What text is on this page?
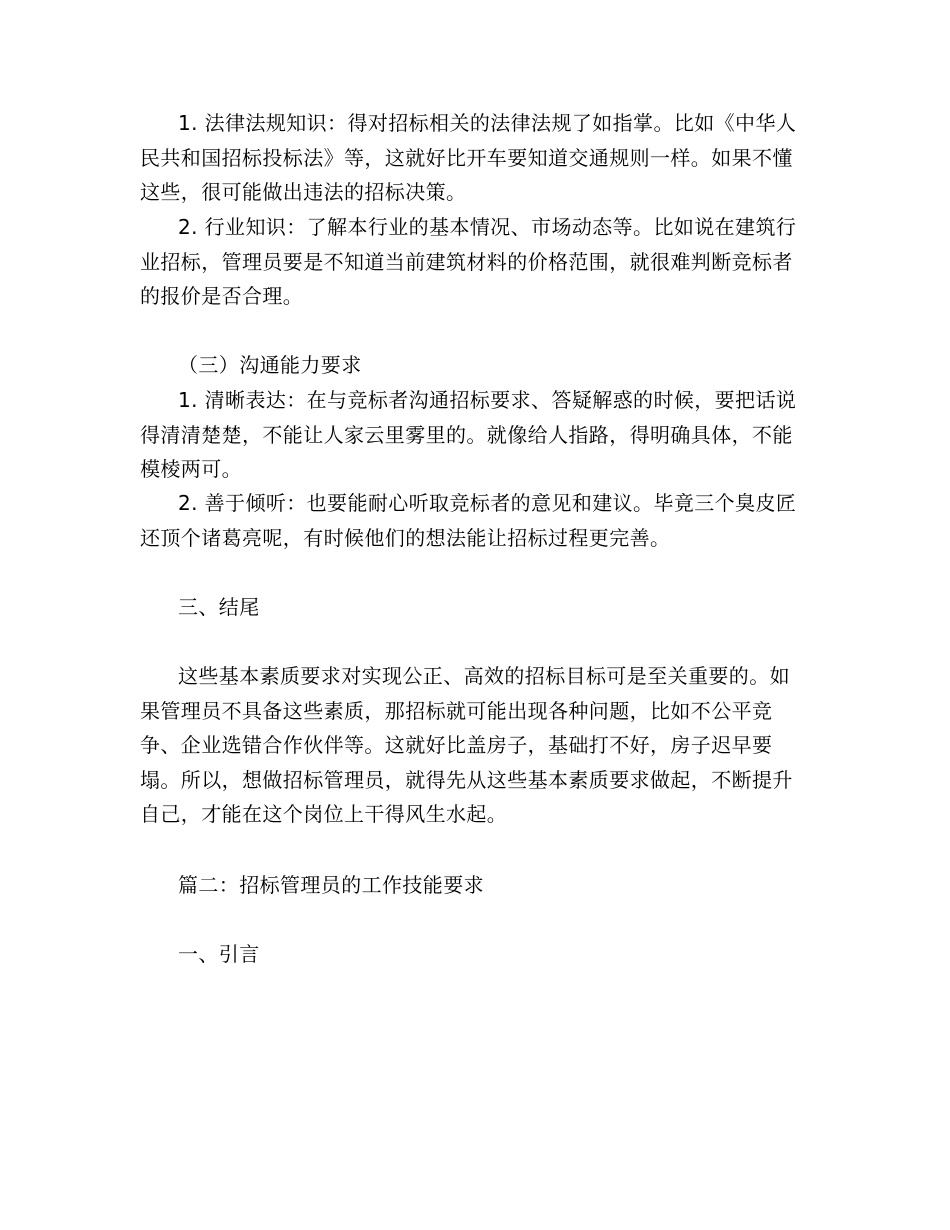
1. 法律法规知识：得对招标相关的法律法规了如指掌。比如《中华人民共和国招标投标法》等，这就好比开车要知道交通规则一样。如果不懂这些，很可能做出违法的招标决策。

2. 行业知识：了解本行业的基本情况、市场动态等。比如说在建筑行业招标，管理员要是不知道当前建筑材料的价格范围，就很难判断竞标者的报价是否合理。

（三）沟通能力要求

1. 清晰表达：在与竞标者沟通招标要求、答疑解惑的时候，要把话说得清清楚楚，不能让人家云里雾里的。就像给人指路，得明确具体，不能模棱两可。

2. 善于倾听：也要能耐心听取竞标者的意见和建议。毕竟三个臭皮匠还顶个诸葛亮呢，有时候他们的想法能让招标过程更完善。

三、结尾

这些基本素质要求对实现公正、高效的招标目标可是至关重要的。如果管理员不具备这些素质，那招标就可能出现各种问题，比如不公平竞争、企业选错合作伙伴等。这就好比盖房子，基础打不好，房子迟早要塌。所以，想做招标管理员，就得先从这些基本素质要求做起，不断提升自己，才能在这个岗位上干得风生水起。

篇二：招标管理员的工作技能要求

一、引言
